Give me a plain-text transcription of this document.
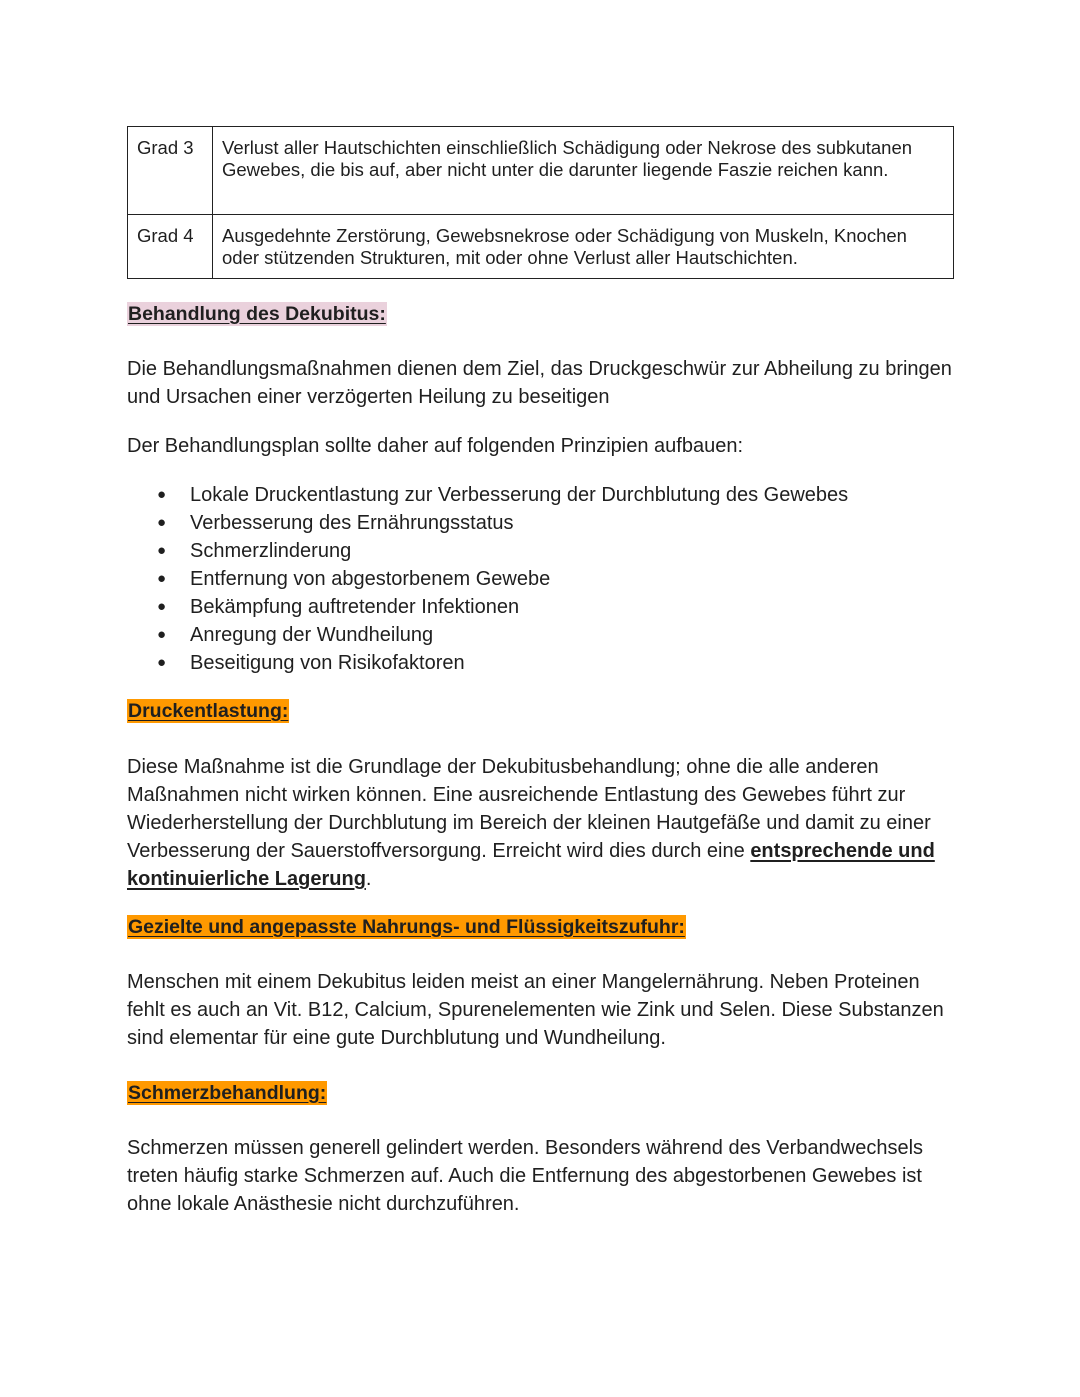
Grad 3	Verlust aller Hautschichten einschließlich Schädigung oder Nekrose des subkutanen Gewebes, die bis auf, aber nicht unter die darunter liegende Faszie reichen kann.
Grad 4	Ausgedehnte Zerstörung, Gewebsnekrose oder Schädigung von Muskeln, Knochen oder stützenden Strukturen, mit oder ohne Verlust aller Hautschichten.
Behandlung des Dekubitus:

Die Behandlungsmaßnahmen dienen dem Ziel, das Druckgeschwür zur Abheilung zu bringen und Ursachen einer verzögerten Heilung zu beseitigen

Der Behandlungsplan sollte daher auf folgenden Prinzipien aufbauen:

● Lokale Druckentlastung zur Verbesserung der Durchblutung des Gewebes
● Verbesserung des Ernährungsstatus
● Schmerzlinderung
● Entfernung von abgestorbenem Gewebe
● Bekämpfung auftretender Infektionen
● Anregung der Wundheilung
● Beseitigung von Risikofaktoren
Druckentlastung:

Diese Maßnahme ist die Grundlage der Dekubitusbehandlung; ohne die alle anderen Maßnahmen nicht wirken können. Eine ausreichende Entlastung des Gewebes führt zur Wiederherstellung der Durchblutung im Bereich der kleinen Hautgefäße und damit zu einer Verbesserung der Sauerstoffversorgung. Erreicht wird dies durch eine entsprechende und kontinuierliche Lagerung.

Gezielte und angepasste Nahrungs- und Flüssigkeitszufuhr:

Menschen mit einem Dekubitus leiden meist an einer Mangelernährung. Neben Proteinen fehlt es auch an Vit. B12, Calcium, Spurenelementen wie Zink und Selen. Diese Substanzen sind elementar für eine gute Durchblutung und Wundheilung.

Schmerzbehandlung:

Schmerzen müssen generell gelindert werden. Besonders während des Verbandwechsels treten häufig starke Schmerzen auf. Auch die Entfernung des abgestorbenen Gewebes ist ohne lokale Anästhesie nicht durchzuführen.
